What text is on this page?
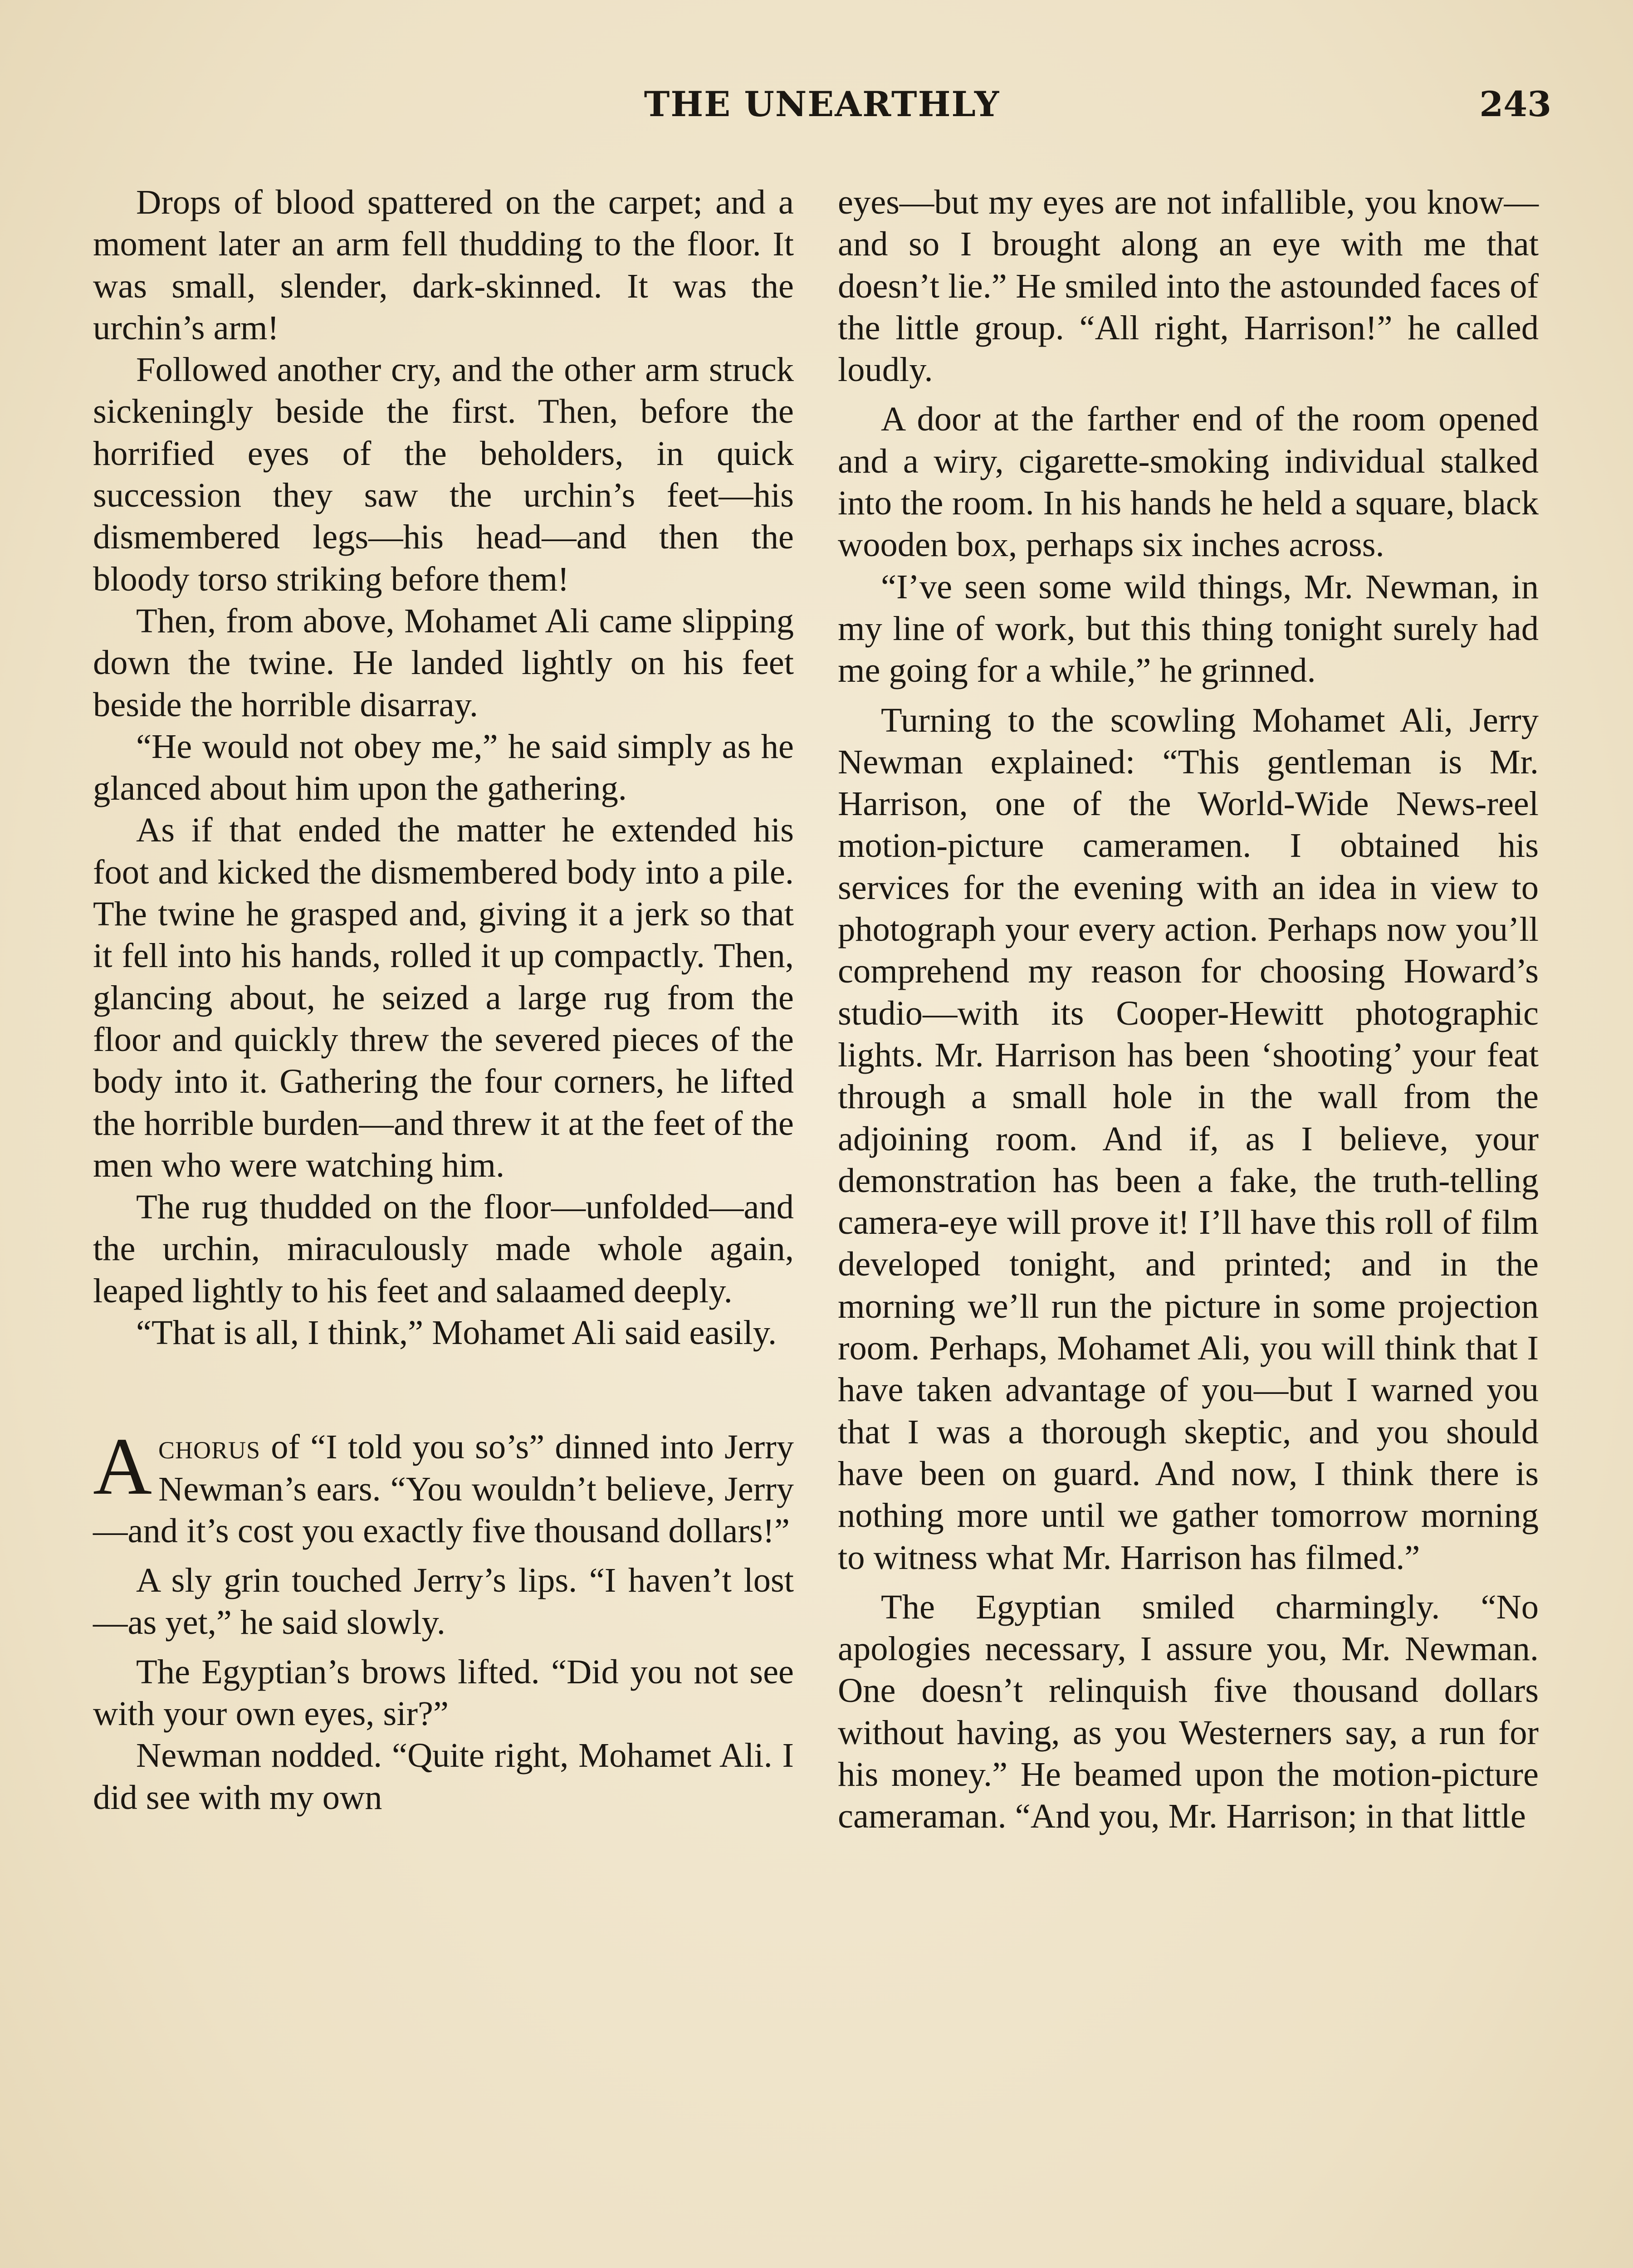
THE UNEARTHLY	243

Drops of blood spattered on the carpet; and a moment later an arm fell thudding to the floor. It was small, slender, dark-skinned. It was the urchin’s arm!

Followed another cry, and the other arm struck sickeningly beside the first. Then, before the horrified eyes of the beholders, in quick succession they saw the urchin’s feet—his dismembered legs—his head—and then the bloody torso striking before them!

Then, from above, Mohamet Ali came slipping down the twine. He landed lightly on his feet beside the horrible disarray.

“He would not obey me,” he said simply as he glanced about him upon the gathering.

As if that ended the matter he extended his foot and kicked the dismembered body into a pile. The twine he grasped and, giving it a jerk so that it fell into his hands, rolled it up compactly. Then, glancing about, he seized a large rug from the floor and quickly threw the severed pieces of the body into it. Gathering the four corners, he lifted the horrible burden—and threw it at the feet of the men who were watching him.

The rug thudded on the floor—unfolded—and the urchin, miraculously made whole again, leaped lightly to his feet and salaamed deeply.

“That is all, I think,” Mohamet Ali said easily.

Achorus of “I told you so’s” dinned into Jerry Newman’s ears. “You wouldn’t believe, Jerry—and it’s cost you exactly five thousand dollars!”

A sly grin touched Jerry’s lips. “I haven’t lost—as yet,” he said slowly.

The Egyptian’s brows lifted. “Did you not see with your own eyes, sir?”

Newman nodded. “Quite right, Mohamet Ali. I did see with my own

eyes—but my eyes are not infallible, you know—and so I brought along an eye with me that doesn’t lie.” He smiled into the astounded faces of the little group. “All right, Harrison!” he called loudly.

A door at the farther end of the room opened and a wiry, cigarette-smoking individual stalked into the room. In his hands he held a square, black wooden box, perhaps six inches across.

“I’ve seen some wild things, Mr. Newman, in my line of work, but this thing tonight surely had me going for a while,” he grinned.

Turning to the scowling Mohamet Ali, Jerry Newman explained: “This gentleman is Mr. Harrison, one of the World-Wide News-reel motion-picture cameramen. I obtained his services for the evening with an idea in view to photograph your every action. Perhaps now you’ll comprehend my reason for choosing Howard’s studio—with its Cooper-Hewitt photographic lights. Mr. Harrison has been ‘shooting’ your feat through a small hole in the wall from the adjoining room. And if, as I believe, your demonstration has been a fake, the truth-telling camera-eye will prove it! I’ll have this roll of film developed tonight, and printed; and in the morning we’ll run the picture in some projection room. Perhaps, Mohamet Ali, you will think that I have taken advantage of you—but I warned you that I was a thorough skeptic, and you should have been on guard. And now, I think there is nothing more until we gather tomorrow morning to witness what Mr. Harrison has filmed.”

The Egyptian smiled charmingly. “No apologies necessary, I assure you, Mr. Newman. One doesn’t relinquish five thousand dollars without having, as you Westerners say, a run for his money.” He beamed upon the motion-picture cameraman. “And you, Mr. Harrison; in that little
